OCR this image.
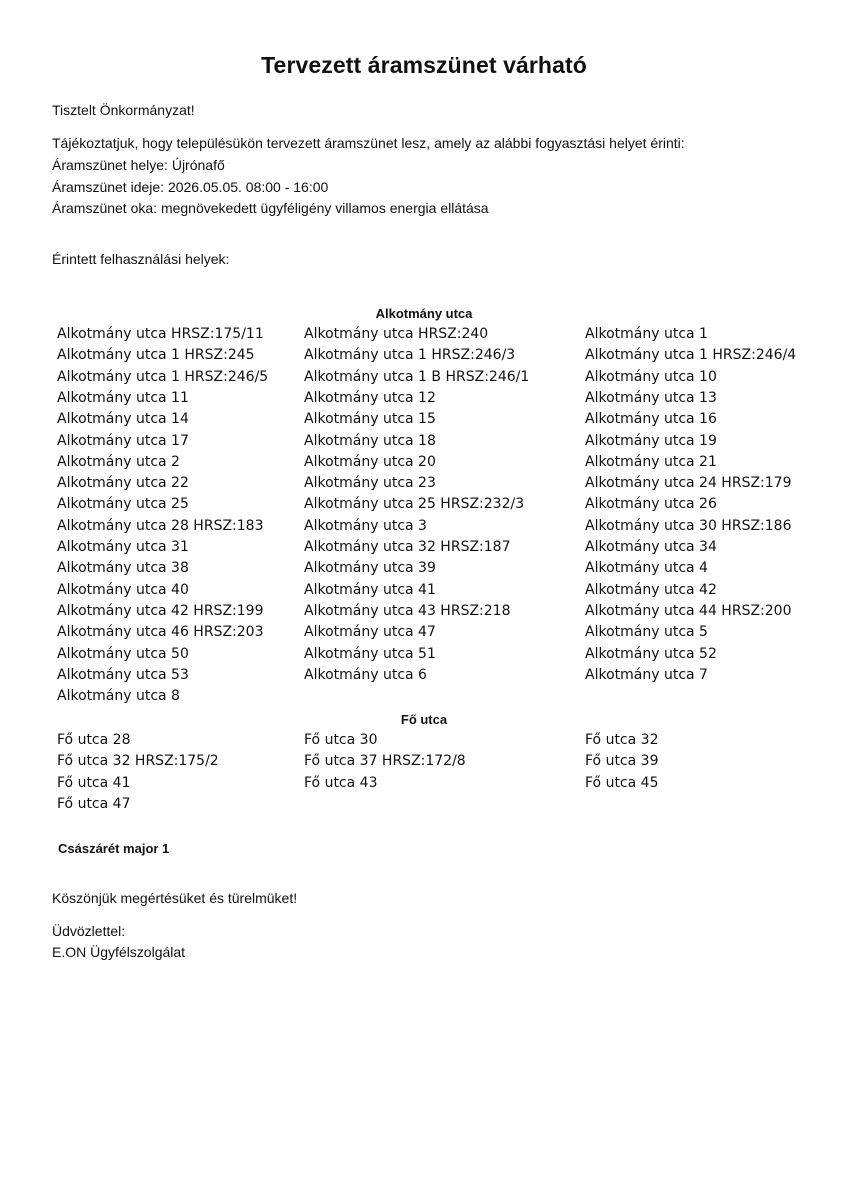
Tervezett áramszünet várható
Tisztelt Önkormányzat!
Tájékoztatjuk, hogy településükön tervezett áramszünet lesz, amely az alábbi fogyasztási helyet érinti:
Áramszünet helye: Újrónafő
Áramszünet ideje: 2026.05.05. 08:00 - 16:00
Áramszünet oka: megnövekedett ügyféligény villamos energia ellátása
Érintett felhasználási helyek:
Alkotmány utca
Alkotmány utca HRSZ:175/11	Alkotmány utca HRSZ:240	Alkotmány utca 1
Alkotmány utca 1 HRSZ:245	Alkotmány utca 1 HRSZ:246/3	Alkotmány utca 1 HRSZ:246/4
Alkotmány utca 1 HRSZ:246/5	Alkotmány utca 1 B HRSZ:246/1	Alkotmány utca 10
Alkotmány utca 11	Alkotmány utca 12	Alkotmány utca 13
Alkotmány utca 14	Alkotmány utca 15	Alkotmány utca 16
Alkotmány utca 17	Alkotmány utca 18	Alkotmány utca 19
Alkotmány utca 2	Alkotmány utca 20	Alkotmány utca 21
Alkotmány utca 22	Alkotmány utca 23	Alkotmány utca 24 HRSZ:179
Alkotmány utca 25	Alkotmány utca 25 HRSZ:232/3	Alkotmány utca 26
Alkotmány utca 28 HRSZ:183	Alkotmány utca 3	Alkotmány utca 30 HRSZ:186
Alkotmány utca 31	Alkotmány utca 32 HRSZ:187	Alkotmány utca 34
Alkotmány utca 38	Alkotmány utca 39	Alkotmány utca 4
Alkotmány utca 40	Alkotmány utca 41	Alkotmány utca 42
Alkotmány utca 42 HRSZ:199	Alkotmány utca 43 HRSZ:218	Alkotmány utca 44 HRSZ:200
Alkotmány utca 46 HRSZ:203	Alkotmány utca 47	Alkotmány utca 5
Alkotmány utca 50	Alkotmány utca 51	Alkotmány utca 52
Alkotmány utca 53	Alkotmány utca 6	Alkotmány utca 7
Alkotmány utca 8
Fő utca
Fő utca 28	Fő utca 30	Fő utca 32
Fő utca 32 HRSZ:175/2	Fő utca 37 HRSZ:172/8	Fő utca 39
Fő utca 41	Fő utca 43	Fő utca 45
Fő utca 47
Császárét major 1
Köszönjük megértésüket és türelmüket!
Üdvözlettel:
E.ON Ügyfélszolgálat
